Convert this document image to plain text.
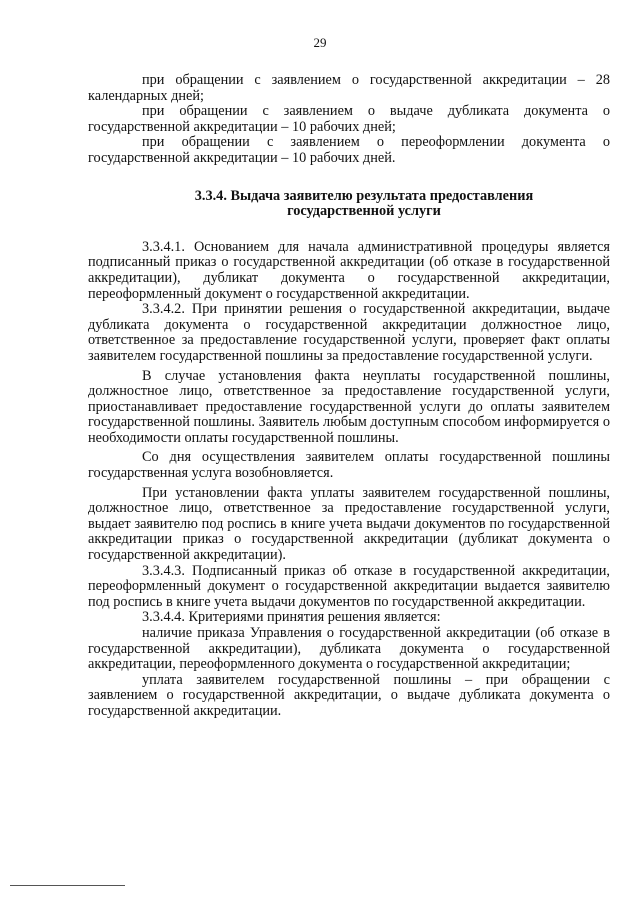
29

при обращении с заявлением о государственной аккредитации – 28 календарных дней;

при обращении с заявлением о выдаче дубликата документа о государственной аккредитации – 10 рабочих дней;

при обращении с заявлением о переоформлении документа о государственной аккредитации – 10 рабочих дней.

3.3.4. Выдача заявителю результата предоставления государственной услуги

3.3.4.1. Основанием для начала административной процедуры является подписанный приказ о государственной аккредитации (об отказе в государственной аккредитации), дубликат документа о государственной аккредитации, переоформленный документ о государственной аккредитации.

3.3.4.2. При принятии решения о государственной аккредитации, выдаче дубликата документа о государственной аккредитации должностное лицо, ответственное за предоставление государственной услуги, проверяет факт оплаты заявителем государственной пошлины за предоставление государственной услуги.

В случае установления факта неуплаты государственной пошлины, должностное лицо, ответственное за предоставление государственной услуги, приостанавливает предоставление государственной услуги до оплаты заявителем государственной пошлины. Заявитель любым доступным способом информируется о необходимости оплаты государственной пошлины.

Со дня осуществления заявителем оплаты государственной пошлины государственная услуга возобновляется.

При установлении факта уплаты заявителем государственной пошлины, должностное лицо, ответственное за предоставление государственной услуги, выдает заявителю под роспись в книге учета выдачи документов по государственной аккредитации приказ о государственной аккредитации (дубликат документа о государственной аккредитации).

3.3.4.3. Подписанный приказ об отказе в государственной аккредитации, переоформленный документ о государственной аккредитации выдается заявителю под роспись в книге учета выдачи документов по государственной аккредитации.

3.3.4.4. Критериями принятия решения является:

наличие приказа Управления о государственной аккредитации (об отказе в государственной аккредитации), дубликата документа о государственной аккредитации, переоформленного документа о государственной аккредитации;

уплата заявителем государственной пошлины – при обращении с заявлением о государственной аккредитации, о выдаче дубликата документа о государственной аккредитации.
